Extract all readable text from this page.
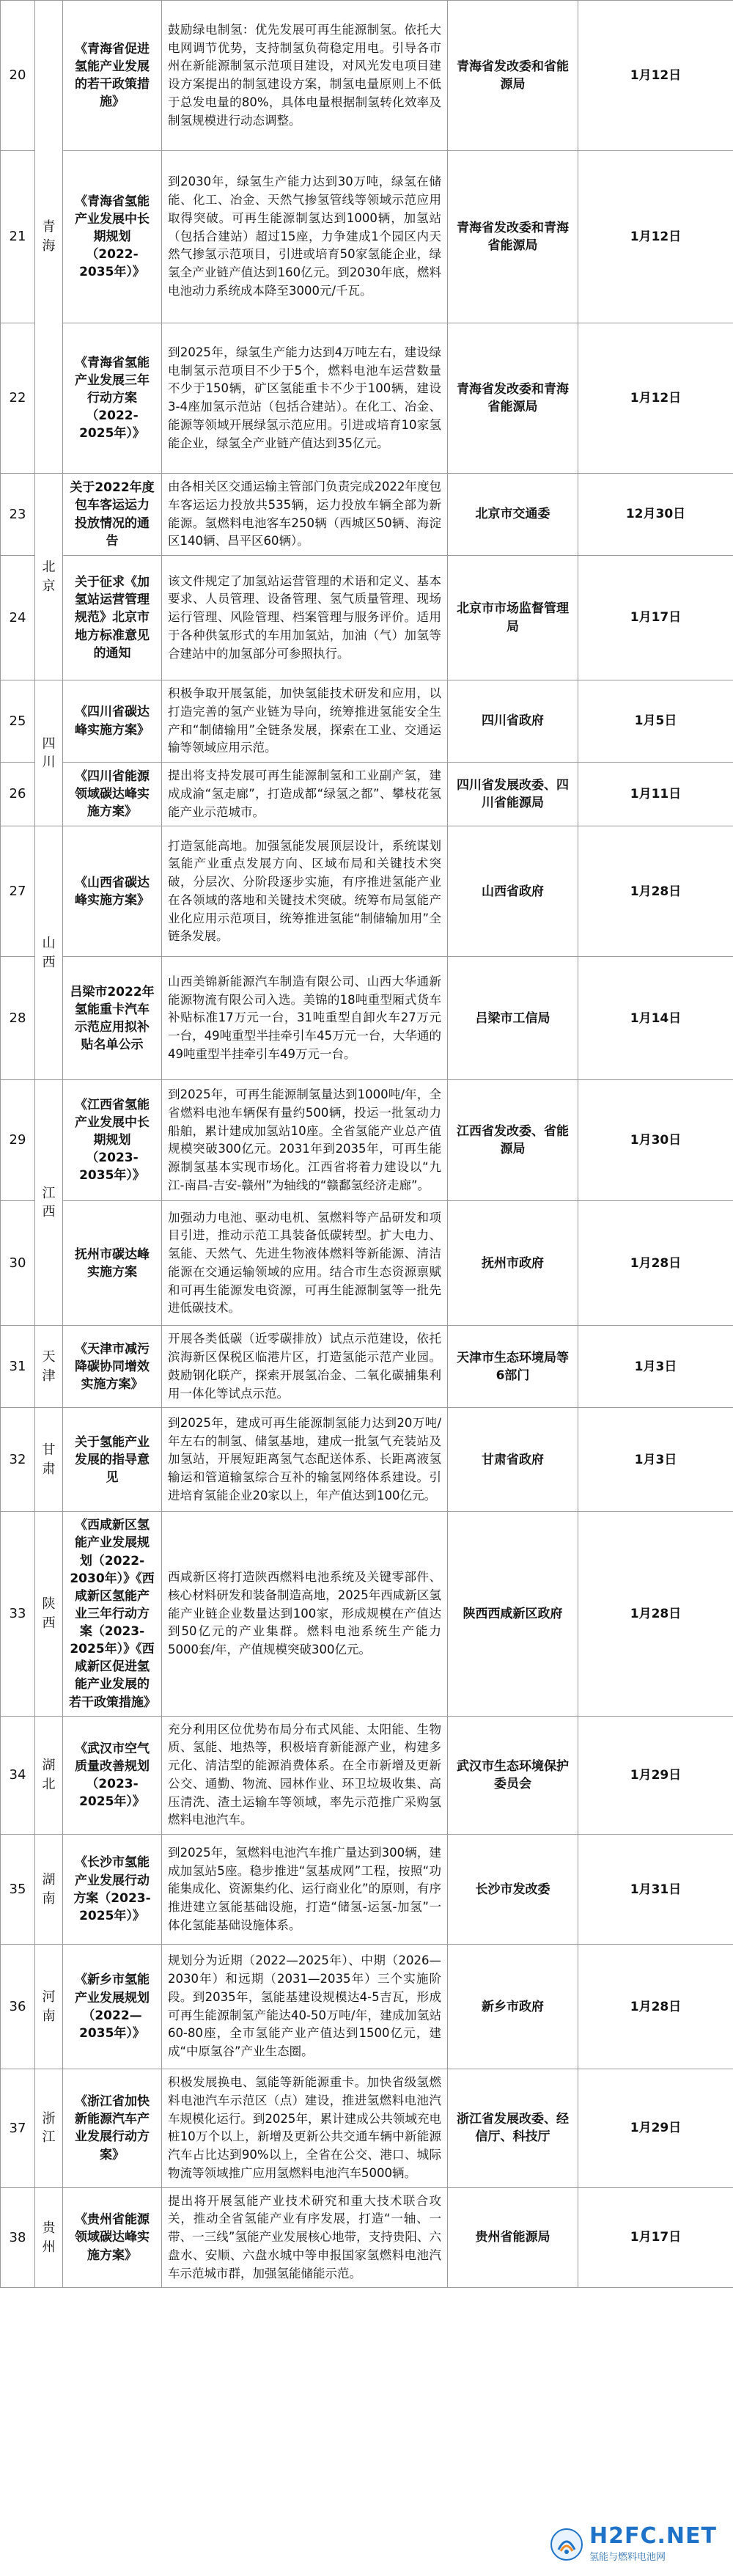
20	青海	《青海省促进氢能产业发展的若干政策措施》	鼓励绿电制氢：优先发展可再生能源制氢。依托大电网调节优势，支持制氢负荷稳定用电。引导各市州在新能源制氢示范项目建设，对风光发电项目建设方案提出的制氢建设方案，制氢电量原则上不低于总发电量的80%，具体电量根据制氢转化效率及制氢规模进行动态调整。	青海省发改委和省能源局	1月12日
21		《青海省氢能产业发展中长期规划（2022-2035年）》	到2030年，绿氢生产能力达到30万吨，绿氢在储能、化工、冶金、天然气掺氢管线等领域示范应用取得突破。可再生能源制氢达到1000辆，加氢站（包括合建站）超过15座，力争建成1个园区内天然气掺氢示范项目，引进或培育50家氢能企业，绿氢全产业链产值达到160亿元。到2030年底，燃料电池动力系统成本降至3000元/千瓦。	青海省发改委和青海省能源局	1月12日
22		《青海省氢能产业发展三年行动方案（2022-2025年）》	到2025年，绿氢生产能力达到4万吨左右，建设绿电制氢示范项目不少于5个，燃料电池车运营数量不少于150辆，矿区氢能重卡不少于100辆，建设3-4座加氢示范站（包括合建站）。在化工、冶金、能源等领域开展绿氢示范应用。引进或培育10家氢能企业，绿氢全产业链产值达到35亿元。	青海省发改委和青海省能源局	1月12日
23	北京	关于2022年度包车客运运力投放情况的通告	由各相关区交通运输主管部门负责完成2022年度包车客运运力投放共535辆，运力投放车辆全部为新能源。氢燃料电池客车250辆（西城区50辆、海淀区140辆、昌平区60辆）。	北京市交通委	12月30日
24		关于征求《加氢站运营管理规范》北京市地方标准意见的通知	该文件规定了加氢站运营管理的术语和定义、基本要求、人员管理、设备管理、氢气质量管理、现场运行管理、风险管理、档案管理与服务评价。适用于各种供氢形式的车用加氢站，加油（气）加氢等合建站中的加氢部分可参照执行。	北京市市场监督管理局	1月17日
25	四川	《四川省碳达峰实施方案》	积极争取开展氢能，加快氢能技术研发和应用，以打造完善的氢产业链为导向，统筹推进氢能安全生产和“制储输用”全链条发展，探索在工业、交通运输等领域应用示范。	四川省政府	1月5日
26		《四川省能源领域碳达峰实施方案》	提出将支持发展可再生能源制氢和工业副产氢，建成成渝“氢走廊”，打造成都“绿氢之都”、攀枝花氢能产业示范城市。	四川省发展改委、四川省能源局	1月11日
27	山西	《山西省碳达峰实施方案》	打造氢能高地。加强氢能发展顶层设计，系统谋划氢能产业重点发展方向、区域布局和关键技术突破，分层次、分阶段逐步实施，有序推进氢能产业在各领域的落地和关键技术突破。统筹布局氢能产业化应用示范项目，统筹推进氢能“制储输加用”全链条发展。	山西省政府	1月28日
28		吕梁市2022年氢能重卡汽车示范应用拟补贴名单公示	山西美锦新能源汽车制造有限公司、山西大华通新能源物流有限公司入选。美锦的18吨重型厢式货车补贴标准17万元一台，31吨重型自卸火车27万元一台，49吨重型半挂牵引车45万元一台，大华通的49吨重型半挂牵引车49万元一台。	吕梁市工信局	1月14日
29	江西	《江西省氢能产业发展中长期规划（2023-2035年）》	到2025年，可再生能源制氢量达到1000吨/年，全省燃料电池车辆保有量约500辆，投运一批氢动力船舶，累计建成加氢站10座。全省氢能产业总产值规模突破300亿元。2031年到2035年，可再生能源制氢基本实现市场化。江西省将着力建设以“九江-南昌-吉安-赣州”为轴线的“赣鄱氢经济走廊”。	江西省发改委、省能源局	1月30日
30		抚州市碳达峰实施方案	加强动力电池、驱动电机、氢燃料等产品研发和项目引进，推动示范工具装备低碳转型。扩大电力、氢能、天然气、先进生物液体燃料等新能源、清洁能源在交通运输领域的应用。结合市生态资源禀赋和可再生能源发电资源，可再生能源制氢等一批先进低碳技术。	抚州市政府	1月28日
31	天津	《天津市减污降碳协同增效实施方案》	开展各类低碳（近零碳排放）试点示范建设，依托滨海新区保税区临港片区，打造氢能示范产业园。鼓励钢化联产，探索开展氢冶金、二氧化碳捕集利用一体化等试点示范。	天津市生态环境局等6部门	1月3日
32	甘肃	关于氢能产业发展的指导意见	到2025年，建成可再生能源制氢能力达到20万吨/年左右的制氢、储氢基地，建成一批氢气充装站及加氢站，开展短距离氢气态配送体系、长距离液氢输运和管道输氢综合互补的输氢网络体系建设。引进培育氢能企业20家以上，年产值达到100亿元。	甘肃省政府	1月3日
33	陕西	《西咸新区氢能产业发展规划（2022-2030年）》《西咸新区氢能产业三年行动方案（2023-2025年）》《西咸新区促进氢能产业发展的若干政策措施》	西咸新区将打造陕西燃料电池系统及关键零部件、核心材料研发和装备制造高地，2025年西咸新区氢能产业链企业数量达到100家，形成规模在产值达到50亿元的产业集群。燃料电池系统生产能力5000套/年，产值规模突破300亿元。	陕西西咸新区政府	1月28日
34	湖北	《武汉市空气质量改善规划（2023-2025年）》	充分利用区位优势布局分布式风能、太阳能、生物质、氢能、地热等，积极培育新能源产业，构建多元化、清洁型的能源消费体系。在全市新增及更新公交、通勤、物流、园林作业、环卫垃圾收集、高压清洗、渣土运输车等领域，率先示范推广采购氢燃料电池汽车。	武汉市生态环境保护委员会	1月29日
35	湖南	《长沙市氢能产业发展行动方案（2023-2025年）》	到2025年，氢燃料电池汽车推广量达到300辆，建成加氢站5座。稳步推进“氢基成网”工程，按照“功能集成化、资源集约化、运行商业化”的原则，有序推进建立氢能基础设施，打造“储氢-运氢-加氢”一体化氢能基础设施体系。	长沙市发改委	1月31日
36	河南	《新乡市氢能产业发展规划（2022—2035年）》	规划分为近期（2022—2025年）、中期（2026—2030年）和远期（2031—2035年）三个实施阶段。到2035年，氢能基建设规模达4-5吉瓦，形成可再生能源制氢产能达40-50万吨/年，建成加氢站60-80座，全市氢能产业产值达到1500亿元，建成“中原氢谷”产业生态圈。	新乡市政府	1月28日
37	浙江	《浙江省加快新能源汽车产业发展行动方案》	积极发展换电、氢能等新能源重卡。加快省级氢燃料电池汽车示范区（点）建设，推进氢燃料电池汽车规模化运行。到2025年，累计建成公共领域充电桩10万个以上，新增及更新公共交通车辆中新能源汽车占比达到90%以上，全省在公交、港口、城际物流等领域推广应用氢燃料电池汽车5000辆。	浙江省发展改委、经信厅、科技厅	1月29日
38	贵州	《贵州省能源领域碳达峰实施方案》	提出将开展氢能产业技术研究和重大技术联合攻关，推动全省氢能产业有序发展，打造“一轴、一带、一三线”氢能产业发展核心地带，支持贵阳、六盘水、安顺、六盘水城中等申报国家氢燃料电池汽车示范城市群，加强氢能储能示范。	贵州省能源局	1月17日
H2FC.NET
氢能与燃料电池网
